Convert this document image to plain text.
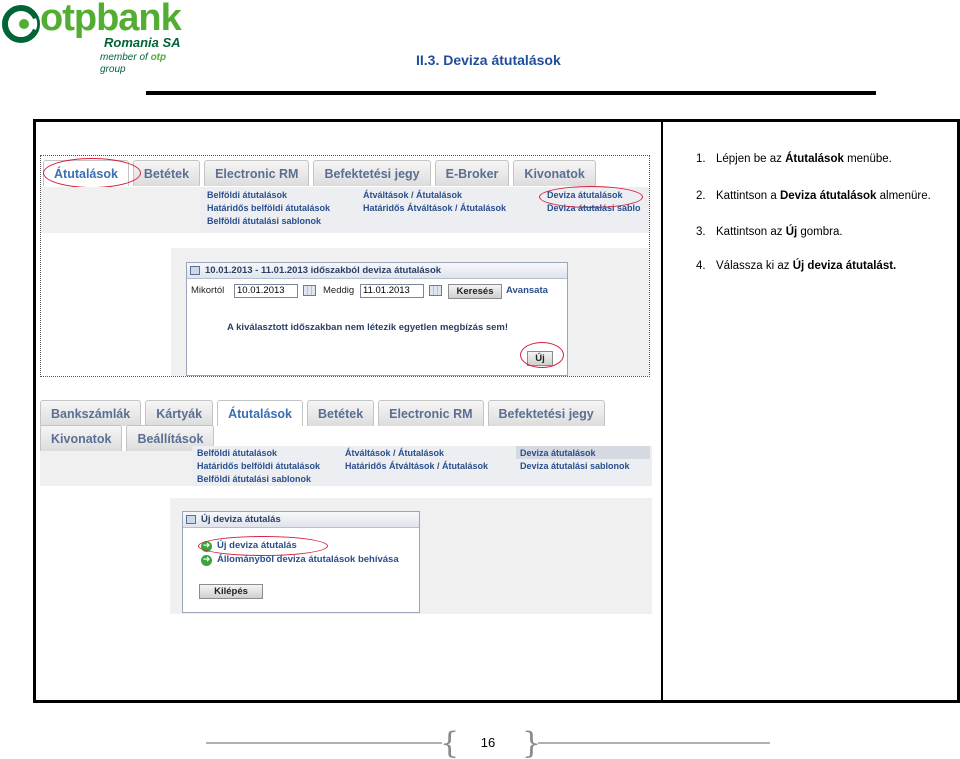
otpbank
Romania SA
member of otp group
II.3. Deviza átutalások
1. Lépjen be az Átutalások menübe.
2. Kattintson a Deviza átutalások almenüre.
3. Kattintson az Új gombra.
4. Válassza ki az Új deviza átutalást.
Átutalások	Betétek	Electronic RM	Befektetési jegy	E-Broker	Kivonatok
Belföldi átutalások
Határidős belföldi átutalások
Belföldi átutalási sablonok
Átváltások / Átutalások
Határidős Átváltások / Átutalások
Deviza átutalások
Deviza átutalási sablo
10.01.2013 - 11.01.2013 időszakból deviza átutalások
Mikortól	10.01.2013	Meddig 11.01.2013	Keresés	Avansata
A kiválasztott időszakban nem létezik egyetlen megbízás sem!
Új
Bankszámlák	Kártyák	Átutalások	Betétek	Electronic RM	Befektetési jegy
Kivonatok	Beállítások
Belföldi átutalások
Határidős belföldi átutalások
Belföldi átutalási sablonok
Átváltások / Átutalások
Határidős Átváltások / Átutalások
Deviza átutalások
Deviza átutalási sablonok
Új deviza átutalás
➜ Új deviza átutalás
➜ Állományból deviza átutalások behívása
Kilépés
{ }
16
